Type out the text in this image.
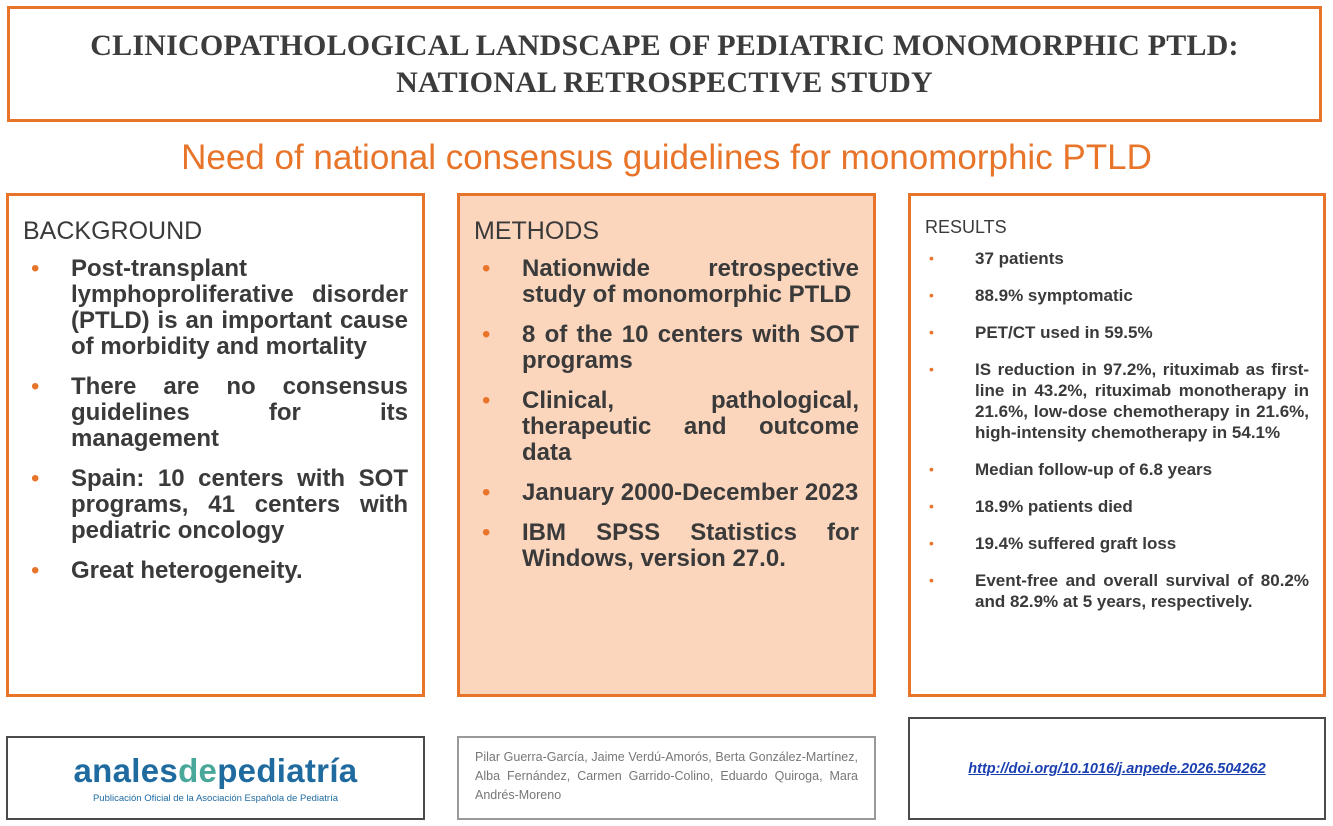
CLINICOPATHOLOGICAL LANDSCAPE OF PEDIATRIC MONOMORPHIC PTLD:
NATIONAL RETROSPECTIVE STUDY
Need of national consensus guidelines for monomorphic PTLD
BACKGROUND
• Post-transplant lymphoproliferative disorder (PTLD) is an important cause of morbidity and mortality
• There are no consensus guidelines for its management
• Spain: 10 centers with SOT programs, 41 centers with pediatric oncology
• Great heterogeneity.
METHODS
• Nationwide retrospective study of monomorphic PTLD
• 8 of the 10 centers with SOT programs
• Clinical, pathological, therapeutic and outcome data
• January 2000-December 2023
• IBM SPSS Statistics for Windows, version 27.0.
RESULTS
• 37 patients
• 88.9% symptomatic
• PET/CT used in 59.5%
• IS reduction in 97.2%, rituximab as first-line in 43.2%, rituximab monotherapy in 21.6%, low-dose chemotherapy in 21.6%, high-intensity chemotherapy in 54.1%
• Median follow-up of 6.8 years
• 18.9% patients died
• 19.4% suffered graft loss
• Event-free and overall survival of 80.2% and 82.9% at 5 years, respectively.
analesdepediatría
Publicación Oficial de la Asociación Española de Pediatría

Pilar Guerra-García, Jaime Verdú-Amorós, Berta González-Martínez, Alba Fernández, Carmen Garrido-Colino, Eduardo Quiroga, Mara Andrés-Moreno

http://doi.org/10.1016/j.anpede.2026.504262
